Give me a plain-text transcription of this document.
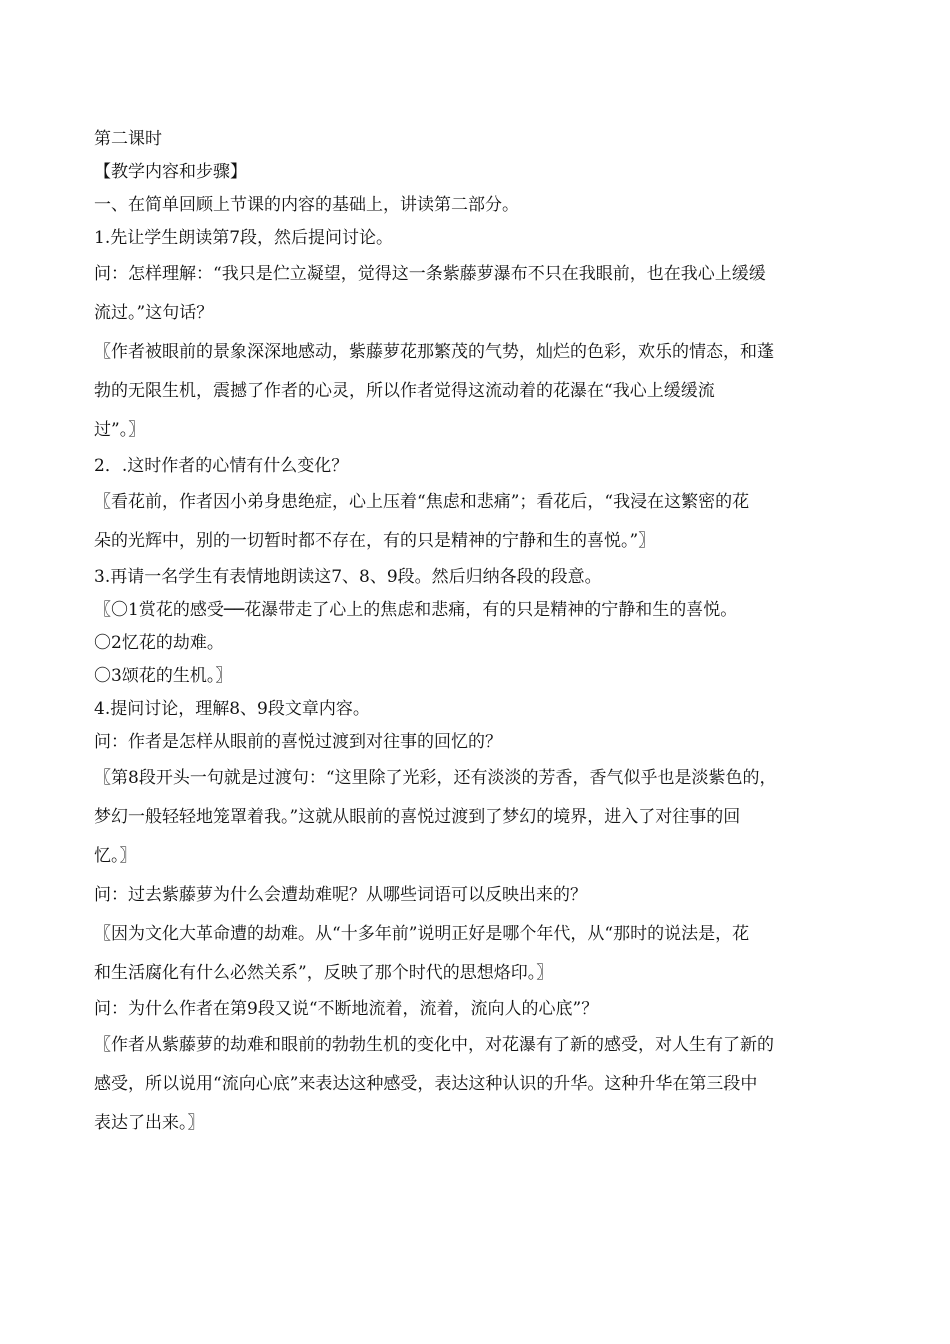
第二课时
【教学内容和步骤】
一、在简单回顾上节课的内容的基础上，讲读第二部分。
1.先让学生朗读第7段，然后提问讨论。
问：怎样理解：“我只是伫立凝望，觉得这一条紫藤萝瀑布不只在我眼前，也在我心上缓缓
流过。”这句话？
〖作者被眼前的景象深深地感动，紫藤萝花那繁茂的气势，灿烂的色彩，欢乐的情态，和蓬
勃的无限生机，震撼了作者的心灵，所以作者觉得这流动着的花瀑在“我心上缓缓流
过”。〗
2．.这时作者的心情有什么变化？
〖看花前，作者因小弟身患绝症，心上压着“焦虑和悲痛”；看花后，“我浸在这繁密的花
朵的光辉中，别的一切暂时都不存在，有的只是精神的宁静和生的喜悦。”〗
3.再请一名学生有表情地朗读这7、8、9段。然后归纳各段的段意。
〖〇1赏花的感受──花瀑带走了心上的焦虑和悲痛，有的只是精神的宁静和生的喜悦。
〇2忆花的劫难。
〇3颂花的生机。〗
4.提问讨论，理解8、9段文章内容。
问：作者是怎样从眼前的喜悦过渡到对往事的回忆的？
〖第8段开头一句就是过渡句：“这里除了光彩，还有淡淡的芳香，香气似乎也是淡紫色的，
梦幻一般轻轻地笼罩着我。”这就从眼前的喜悦过渡到了梦幻的境界，进入了对往事的回
忆。〗
问：过去紫藤萝为什么会遭劫难呢？从哪些词语可以反映出来的？
〖因为文化大革命遭的劫难。从“十多年前”说明正好是哪个年代，从“那时的说法是，花
和生活腐化有什么必然关系”，反映了那个时代的思想烙印。〗
问：为什么作者在第9段又说“不断地流着，流着，流向人的心底”？
〖作者从紫藤萝的劫难和眼前的勃勃生机的变化中，对花瀑有了新的感受，对人生有了新的
感受，所以说用“流向心底”来表达这种感受，表达这种认识的升华。这种升华在第三段中
表达了出来。〗
